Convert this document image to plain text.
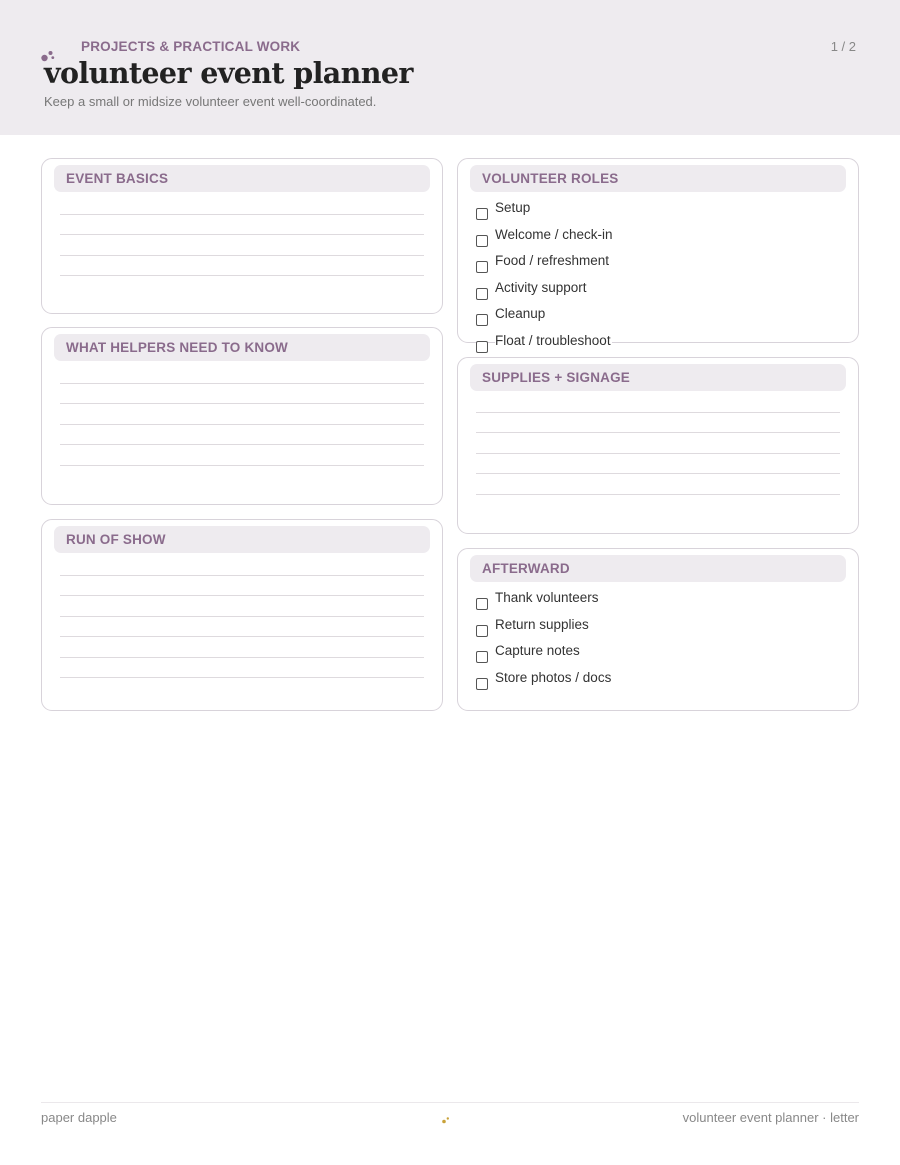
PROJECTS & PRACTICAL WORK	1 / 2
volunteer event planner
Keep a small or midsize volunteer event well-coordinated.
EVENT BASICS
WHAT HELPERS NEED TO KNOW
RUN OF SHOW
VOLUNTEER ROLES
Setup
Welcome / check-in
Food / refreshment
Activity support
Cleanup
Float / troubleshoot
SUPPLIES + SIGNAGE
AFTERWARD
Thank volunteers
Return supplies
Capture notes
Store photos / docs
paper dapple	volunteer event planner · letter
